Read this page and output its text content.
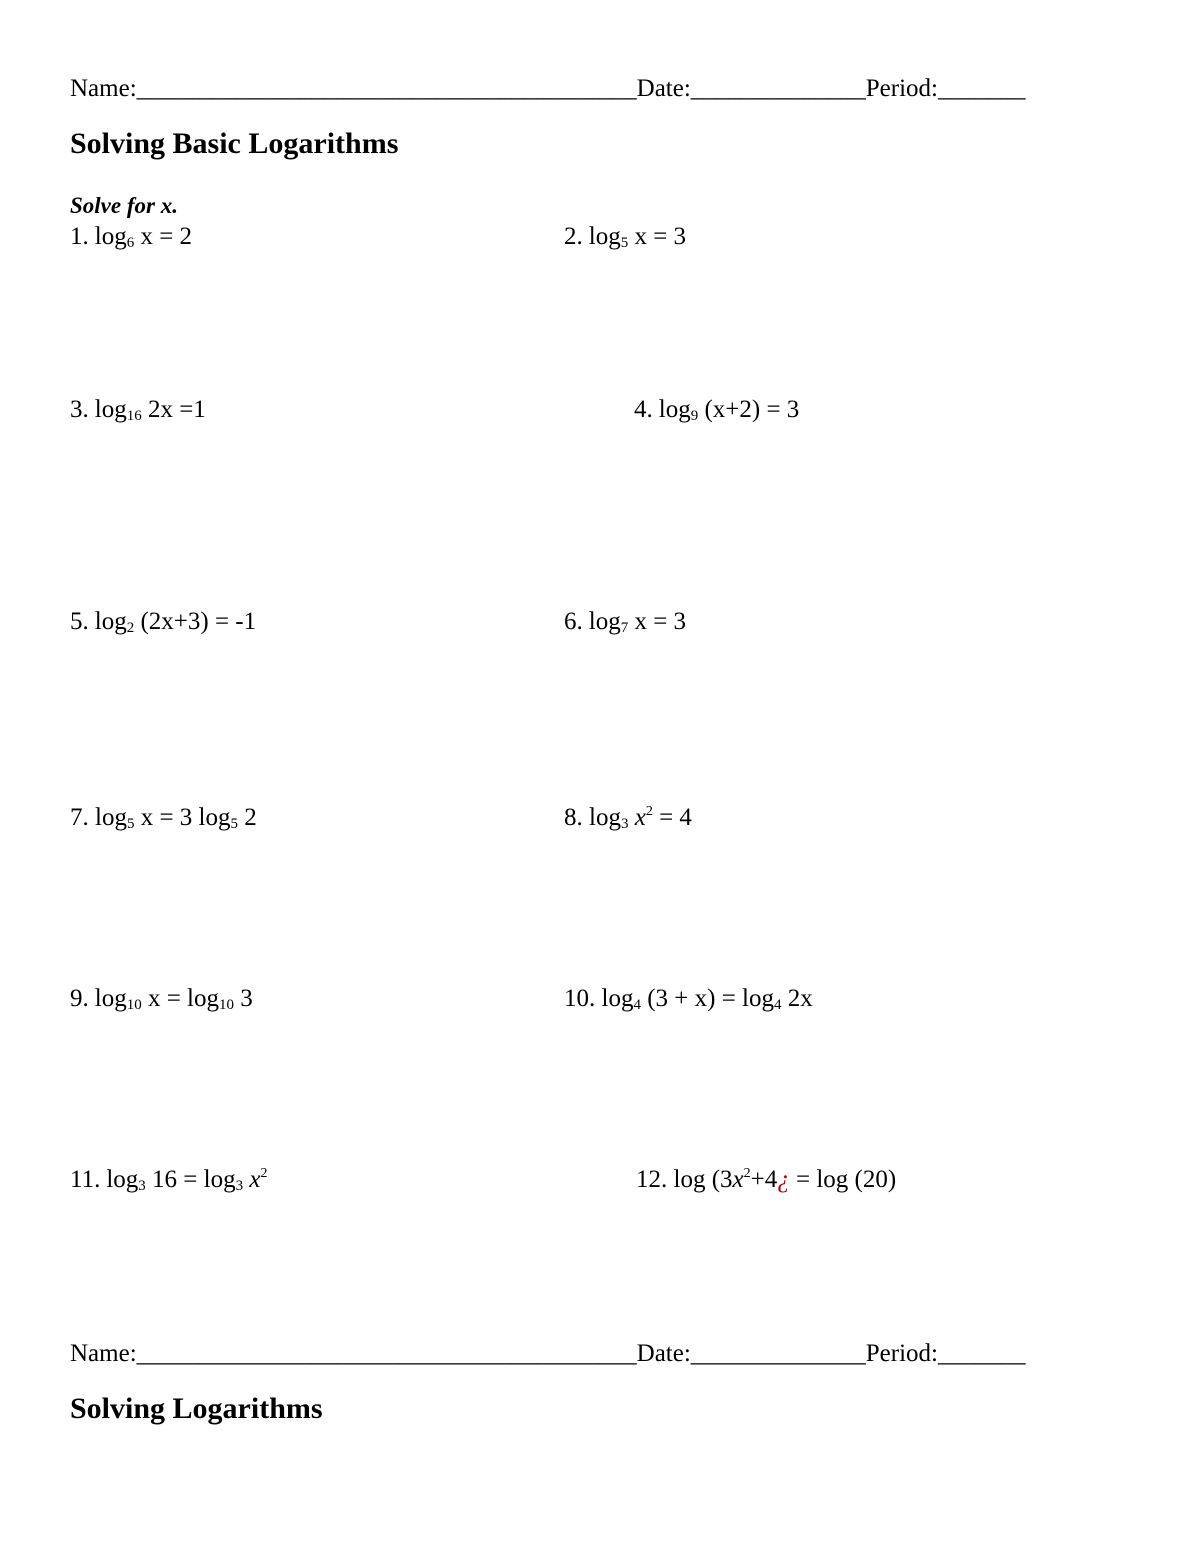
Name:________________________________________Date:______________Period:_______
Solving Basic Logarithms
Solve for x.
1. $\log_6 x = 2$	2. $\log_5 x = 3$
3. $\log_{16} 2x =1$	4. $\log_9 (x+2) = 3$
5. $\log_2 (2x+3) = -1$	6. $\log_7 x = 3$
7. $\log_5 x = 3$ $\log_5 2$	8. $\log_3 x^2 = 4$
9. $\log_{10} x = \log_{10} 3$	10. $\log_4 (3 + x) = \log_4 2x$
11. $\log_3 16 = \log_3 x^2$	12. $\log (3x^2+4¿ = \log (20)$
Name:________________________________________Date:______________Period:_______
Solving Logarithms
